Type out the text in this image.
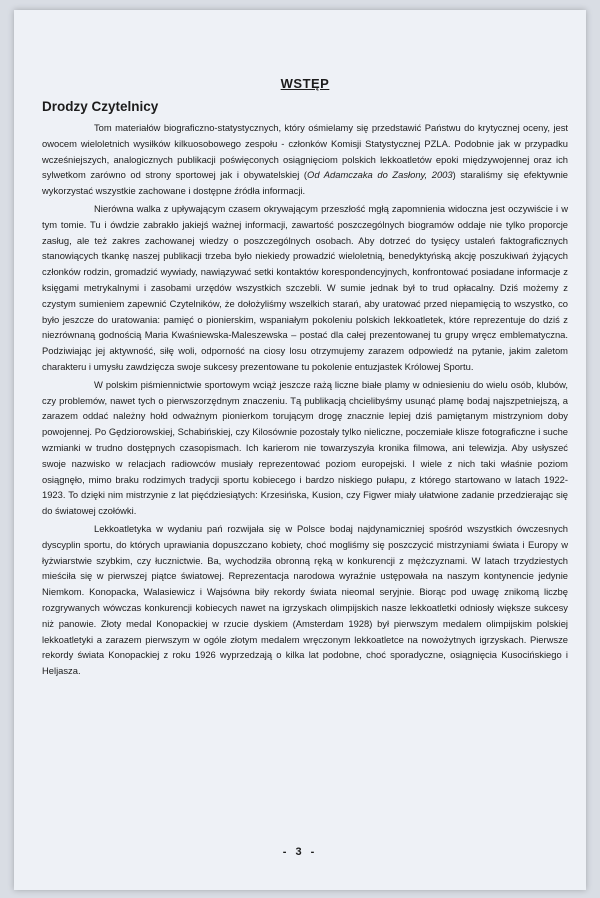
WSTĘP
Drodzy Czytelnicy

Tom materiałów biograficzno-statystycznych, który ośmielamy się przedstawić Państwu do krytycznej oceny, jest owocem wieloletnich wysiłków kilkuosobowego zespołu - członków Komisji Statystycznej PZLA. Podobnie jak w przypadku wcześniejszych, analogicznych publikacji poświęconych osiągnięciom polskich lekkoatletów epoki międzywojennej oraz ich sylwetkom zarówno od strony sportowej jak i obywatelskiej (Od Adamczaka do Zasłony, 2003) staraliśmy się efektywnie wykorzystać wszystkie zachowane i dostępne źródła informacji.

Nierówna walka z upływającym czasem okrywającym przeszłość mgłą zapomnienia widoczna jest oczywiście i w tym tomie. Tu i ówdzie zabrakło jakiejś ważnej informacji, zawartość poszczególnych biogramów oddaje nie tylko proporcje zasług, ale też zakres zachowanej wiedzy o poszczególnych osobach. Aby dotrzeć do tysięcy ustaleń faktograficznych stanowiących tkankę naszej publikacji trzeba było niekiedy prowadzić wieloletnią, benedyktyńską akcję poszukiwań żyjących członków rodzin, gromadzić wywiady, nawiązywać setki kontaktów korespondencyjnych, konfrontować posiadane informacje z księgami metrykalnymi i zasobami urzędów wszystkich szczebli. W sumie jednak był to trud opłacalny. Dziś możemy z czystym sumieniem zapewnić Czytelników, że dołożyliśmy wszelkich starań, aby uratować przed niepamięcią to wszystko, co było jeszcze do uratowania: pamięć o pionierskim, wspaniałym pokoleniu polskich lekkoatletek, które reprezentuje do dziś z niezrównaną godnością Maria Kwaśniewska-Maleszewska – postać dla całej prezentowanej tu grupy wręcz emblematyczna. Podziwiając jej aktywność, siłę woli, odporność na ciosy losu otrzymujemy zarazem odpowiedź na pytanie, jakim zaletom charakteru i umysłu zawdzięcza swoje sukcesy prezentowane tu pokolenie entuzjastek Królowej Sportu.

W polskim piśmiennictwie sportowym wciąż jeszcze rażą liczne białe plamy w odniesieniu do wielu osób, klubów, czy problemów, nawet tych o pierwszorzędnym znaczeniu. Tą publikacją chcielibyśmy usunąć plamę bodaj najszpetniejszą, a zarazem oddać należny hołd odważnym pionierkom torującym drogę znacznie lepiej dziś pamiętanym mistrzyniom doby powojennej. Po Gędziorowskiej, Schabińskiej, czy Kilosównie pozostały tylko nieliczne, poczemiałe klisze fotograficzne i suche wzmianki w trudno dostępnych czasopismach. Ich karierom nie towarzyszyła kronika filmowa, ani telewizja. Aby usłyszeć swoje nazwisko w relacjach radiowców musiały reprezentować poziom europejski. I wiele z nich taki właśnie poziom osiągnęło, mimo braku rodzimych tradycji sportu kobiecego i bardzo niskiego pułapu, z którego startowano w latach 1922-1923. To dzięki nim mistrzynie z lat pięćdziesiątych: Krzesińska, Kusion, czy Figwer miały ułatwione zadanie przedzierając się do światowej czołówki.

Lekkoatletyka w wydaniu pań rozwijała się w Polsce bodaj najdynamiczniej spośród wszystkich ówczesnych dyscyplin sportu, do których uprawiania dopuszczano kobiety, choć mogliśmy się poszczycić mistrzyniami świata i Europy w łyżwiarstwie szybkim, czy łucznictwie. Ba, wychodziła obronną ręką w konkurencji z mężczyznami. W latach trzydziestych mieściła się w pierwszej piątce światowej. Reprezentacja narodowa wyraźnie ustępowała na naszym kontynencie jedynie Niemkom. Konopacka, Walasiewicz i Wajsówna biły rekordy świata nieomal seryjnie. Biorąc pod uwagę znikomą liczbę rozgrywanych wówczas konkurencji kobiecych nawet na igrzyskach olimpijskich nasze lekkoatletki odniosły większe sukcesy niż panowie. Złoty medal Konopackiej w rzucie dyskiem (Amsterdam 1928) był pierwszym medalem olimpijskim polskiej lekkoatletyki a zarazem pierwszym w ogóle złotym medalem wręczonym lekkoatletce na nowożytnych igrzyskach. Pierwsze rekordy świata Konopackiej z roku 1926 wyprzedzają o kilka lat podobne, choć sporadyczne, osiągnięcia Kusocińskiego i Heljasza.

- 3 -
